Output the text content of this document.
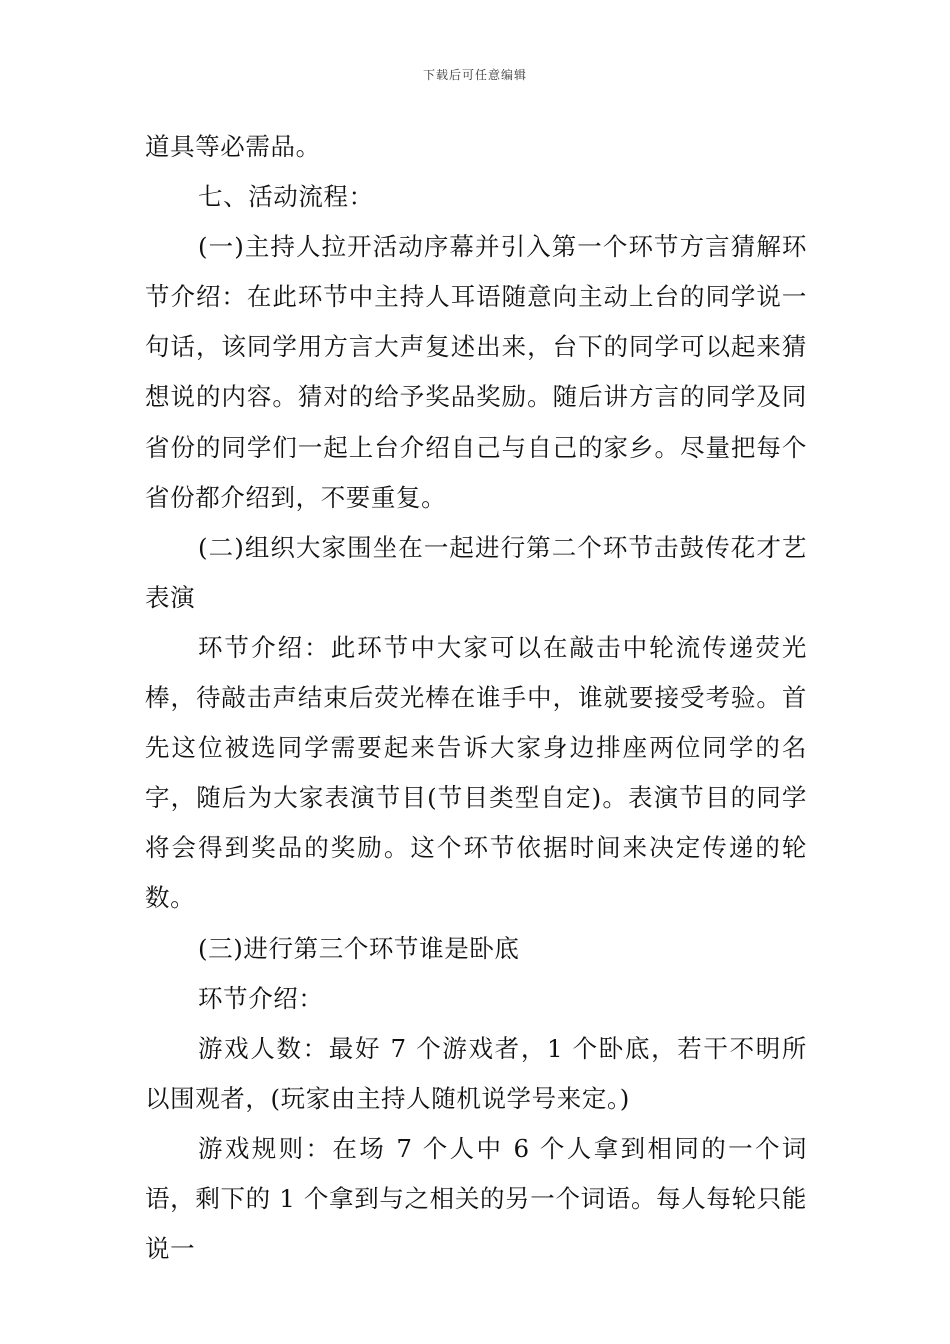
下载后可任意编辑

道具等必需品。

七、活动流程：

(一)主持人拉开活动序幕并引入第一个环节方言猜解环节介绍：在此环节中主持人耳语随意向主动上台的同学说一句话，该同学用方言大声复述出来，台下的同学可以起来猜想说的内容。猜对的给予奖品奖励。随后讲方言的同学及同省份的同学们一起上台介绍自己与自己的家乡。尽量把每个省份都介绍到，不要重复。

(二)组织大家围坐在一起进行第二个环节击鼓传花才艺表演

环节介绍：此环节中大家可以在敲击中轮流传递荧光棒，待敲击声结束后荧光棒在谁手中，谁就要接受考验。首先这位被选同学需要起来告诉大家身边排座两位同学的名字，随后为大家表演节目(节目类型自定)。表演节目的同学将会得到奖品的奖励。这个环节依据时间来决定传递的轮数。

(三)进行第三个环节谁是卧底

环节介绍：

游戏人数：最好 7 个游戏者，1 个卧底，若干不明所以围观者，(玩家由主持人随机说学号来定。)

游戏规则：在场 7 个人中 6 个人拿到相同的一个词语，剩下的 1 个拿到与之相关的另一个词语。每人每轮只能说一
